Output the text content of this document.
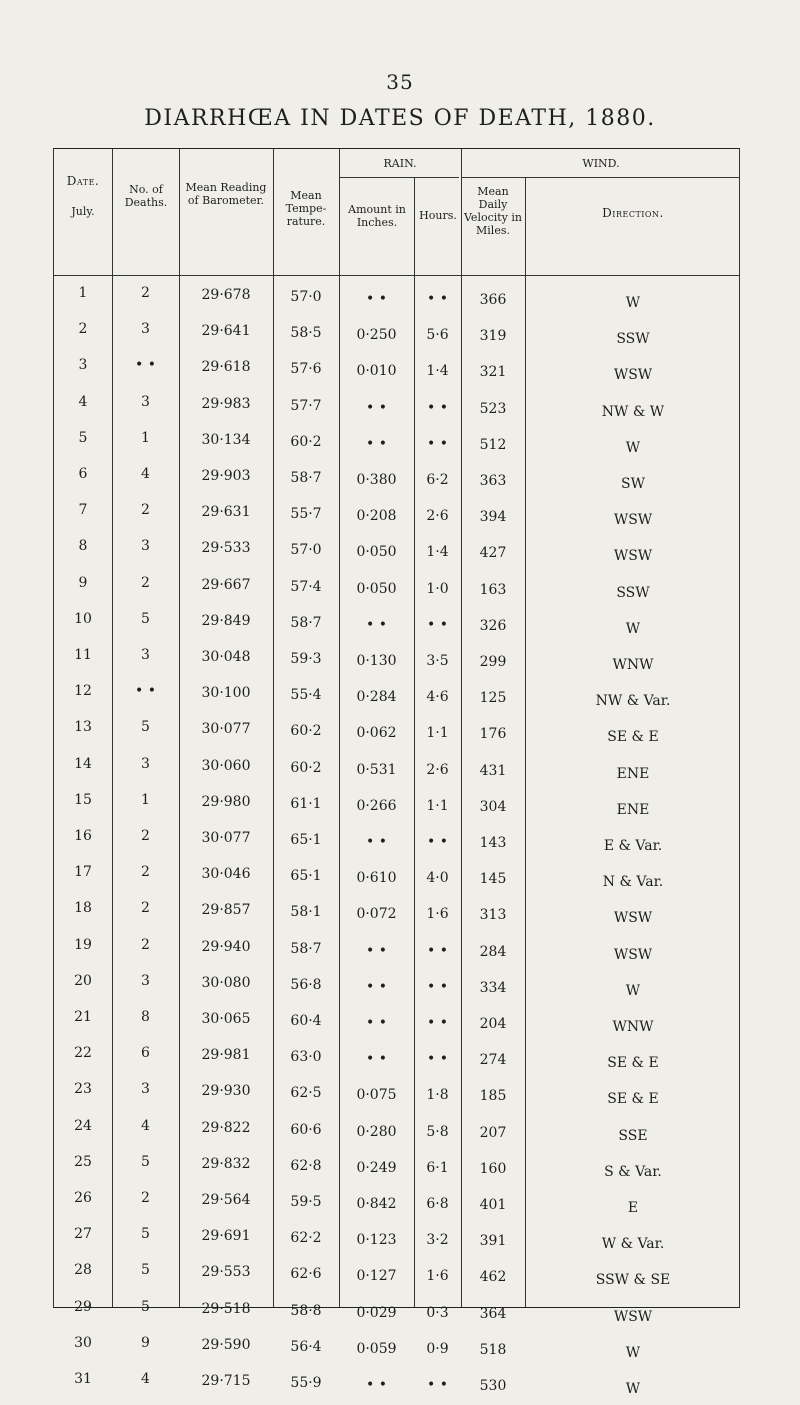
35
DIARRHŒA IN DATES OF DEATH, 1880.
Date.
July.
No. of Deaths.
Mean Reading of Barometer.	Mean Tempe- rature.
RAIN.
Amount in Inches.
Hours.
WIND.
Mean Daily Velocity in Miles.
Direction.
1	2	29·678	57·0	• •	• •	366	W
2	3	29·641	58·5	0·250	5·6	319	SSW
3	• •	29·618	57·6	0·010	1·4	321	WSW
4	3	29·983	57·7	• •	• •	523	NW & W
5	1	30·134	60·2	• •	• •	512	W
6	4	29·903	58·7	0·380	6·2	363	SW
7	2	29·631	55·7	0·208	2·6	394	WSW
8	3	29·533	57·0	0·050	1·4	427	WSW
9	2	29·667	57·4	0·050	1·0	163	SSW
10	5	29·849	58·7	• •	• •	326	W
11	3	30·048	59·3	0·130	3·5	299	WNW
12	• •	30·100	55·4	0·284	4·6	125	NW & Var.
13	5	30·077	60·2	0·062	1·1	176	SE & E
14	3	30·060	60·2	0·531	2·6	431	ENE
15	1	29·980	61·1	0·266	1·1	304	ENE
16	2	30·077	65·1	• •	• •	143	E & Var.
17	2	30·046	65·1	0·610	4·0	145	N & Var.
18	2	29·857	58·1	0·072	1·6	313	WSW
19	2	29·940	58·7	• •	• •	284	WSW
20	3	30·080	56·8	• •	• •	334	W
21	8	30·065	60·4	• •	• •	204	WNW
22	6	29·981	63·0	• •	• •	274	SE & E
23	3	29·930	62·5	0·075	1·8	185	SE & E
24	4	29·822	60·6	0·280	5·8	207	SSE
25	5	29·832	62·8	0·249	6·1	160	S & Var.
26	2	29·564	59·5	0·842	6·8	401	E
27	5	29·691	62·2	0·123	3·2	391	W & Var.
28	5	29·553	62·6	0·127	1·6	462	SSW & SE
29	5	29·518	58·8	0·029	0·3	364	WSW
30	9	29·590	56·4	0·059	0·9	518	W
31	4	29·715	55·9	• •	• •	530	W
